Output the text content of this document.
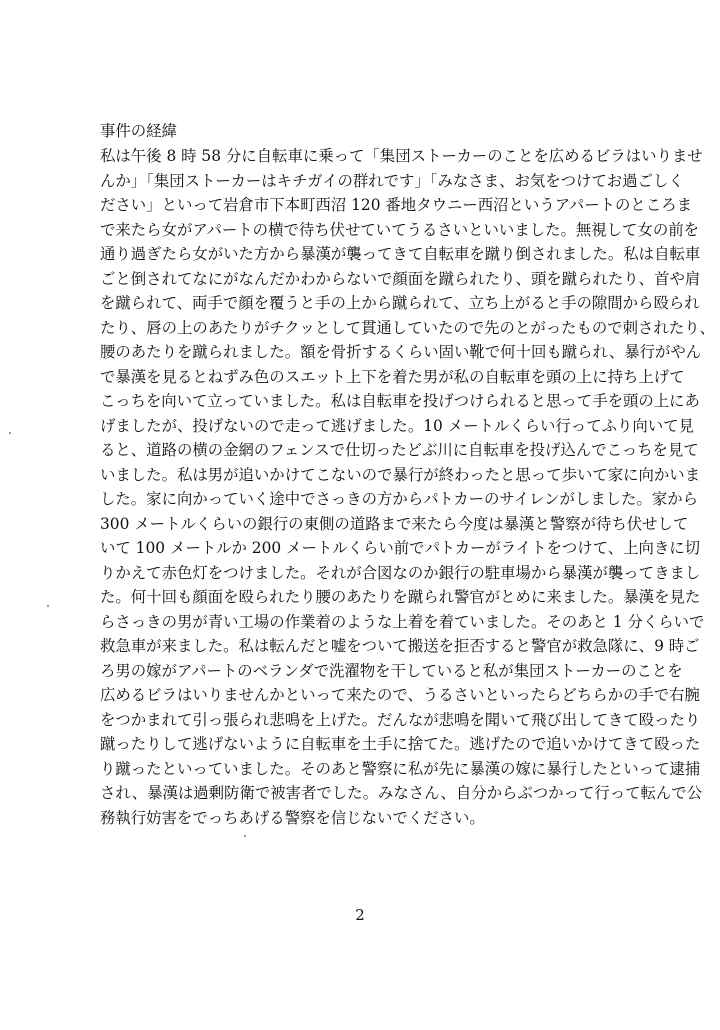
事件の経緯
私は午後 8 時 58 分に自転車に乗って「集団ストーカーのことを広めるビラはいりませ
んか」「集団ストーカーはキチガイの群れです」「みなさま、お気をつけてお過ごしく
ださい」といって岩倉市下本町西沼 120 番地タウニー西沼というアパートのところま
で来たら女がアパートの横で待ち伏せていてうるさいといいました。無視して女の前を
通り過ぎたら女がいた方から暴漢が襲ってきて自転車を蹴り倒されました。私は自転車
ごと倒されてなにがなんだかわからないで顔面を蹴られたり、頭を蹴られたり、首や肩
を蹴られて、両手で顔を覆うと手の上から蹴られて、立ち上がると手の隙間から殴られ
たり、唇の上のあたりがチクッとして貫通していたので先のとがったもので刺されたり、
腰のあたりを蹴られました。額を骨折するくらい固い靴で何十回も蹴られ、暴行がやん
で暴漢を見るとねずみ色のスエット上下を着た男が私の自転車を頭の上に持ち上げて
こっちを向いて立っていました。私は自転車を投げつけられると思って手を頭の上にあ
げましたが、投げないので走って逃げました。10 メートルくらい行ってふり向いて見
ると、道路の横の金網のフェンスで仕切ったどぶ川に自転車を投げ込んでこっちを見て
いました。私は男が追いかけてこないので暴行が終わったと思って歩いて家に向かいま
した。家に向かっていく途中でさっきの方からパトカーのサイレンがしました。家から
300 メートルくらいの銀行の東側の道路まで来たら今度は暴漢と警察が待ち伏せして
いて 100 メートルか 200 メートルくらい前でパトカーがライトをつけて、上向きに切
りかえて赤色灯をつけました。それが合図なのか銀行の駐車場から暴漢が襲ってきまし
た。何十回も顔面を殴られたり腰のあたりを蹴られ警官がとめに来ました。暴漢を見た
らさっきの男が青い工場の作業着のような上着を着ていました。そのあと 1 分くらいで
救急車が来ました。私は転んだと嘘をついて搬送を拒否すると警官が救急隊に、9 時ご
ろ男の嫁がアパートのベランダで洗濯物を干していると私が集団ストーカーのことを
広めるビラはいりませんかといって来たので、うるさいといったらどちらかの手で右腕
をつかまれて引っ張られ悲鳴を上げた。だんなが悲鳴を聞いて飛び出してきて殴ったり
蹴ったりして逃げないように自転車を土手に捨てた。逃げたので追いかけてきて殴った
り蹴ったといっていました。そのあと警察に私が先に暴漢の嫁に暴行したといって逮捕
され、暴漢は過剰防衛で被害者でした。みなさん、自分からぶつかって行って転んで公
務執行妨害をでっちあげる警察を信じないでください。
2
